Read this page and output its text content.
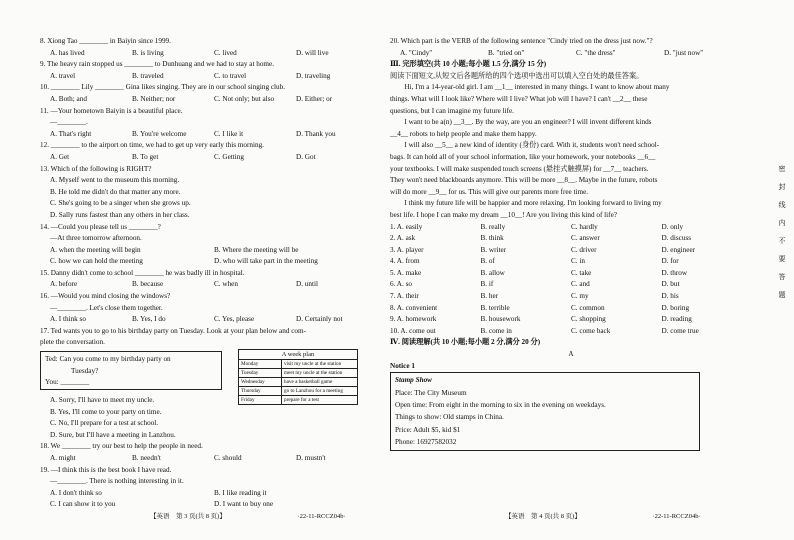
8. Xiong Tao ________ in Baiyin since 1999.
A. has lived	B. is living	C. lived	D. will live
9. The heavy rain stopped us ________ to Dunhuang and we had to stay at home.
A. travel	B. traveled	C. to travel	D. traveling
10. ________ Lily ________ Gina likes singing. They are in our school singing club.
A. Both; and	B. Neither; nor	C. Not only; but also	D. Either; or
11. —Your hometown Baiyin is a beautiful place.
—________.
A. That's right	B. You're welcome	C. I like it	D. Thank you
12. ________ to the airport on time, we had to get up very early this morning.
A. Get	B. To get	C. Getting	D. Got
13. Which of the following is RIGHT?
A. Myself went to the museum this morning.
B. He told me didn't do that matter any more.
C. She's going to be a singer when she grows up.
D. Sally runs fastest than any others in her class.
14. —Could you please tell us ________?
—At three tomorrow afternoon.
A. when the meeting will begin	B. Where the meeting will be
C. how we can hold the meeting	D. who will take part in the meeting
15. Danny didn't come to school ________ he was badly ill in hospital.
A. before	B. because	C. when	D. until
16. —Would you mind closing the windows?
—________. Let's close them together.
A. I think so	B. Yes, I do	C. Yes, please	D. Certainly not
17. Ted wants you to go to his birthday party on Tuesday. Look at your plan below and com-
plete the conversation.
Ted: Can you come to my birthday party on
Tuesday?
You: ________
A week plan
Monday	visit my uncle at the station
Tuesday	meet my uncle at the station
Wednesday	have a basketball game
Thursday	go to Lanzhou for a meeting
Friday	prepare for a test
A. Sorry, I'll have to meet my uncle.
B. Yes, I'll come to your party on time.
C. No, I'll prepare for a test at school.
D. Sure, but I'll have a meeting in Lanzhou.
18. We ________ try our best to help the people in need.
A. might	B. needn't	C. should	D. mustn't
19. —I think this is the best book I have read.
—________. There is nothing interesting in it.
A. I don't think so	B. I like reading it
C. I can show it to you	D. I want to buy one
20. Which part is the VERB of the following sentence "Cindy tried on the dress just now."?
A. "Cindy"	B. "tried on"	C. "the dress"	D. "just now"
Ⅲ. 完形填空(共 10 小题;每小题 1.5 分,满分 15 分)
阅读下面短文,从短文后各题所给的四个选项中选出可以填入空白处的最佳答案。
　　Hi, I'm a 14-year-old girl. I am __1__ interested in many things. I want to know about many
things. What will I look like? Where will I live? What job will I have? I can't __2__ these
questions, but I can imagine my future life.
　　I want to be a(n) __3__. By the way, are you an engineer? I will invent different kinds
__4__ robots to help people and make them happy.
　　I will also __5__ a new kind of identity (身份) card. With it, students won't need school-
bags. It can hold all of your school information, like your homework, your notebooks __6__
your textbooks. I will make suspended touch screens (悬挂式触摸屏) for __7__ teachers.
They won't need blackboards anymore. This will be more __8__. Maybe in the future, robots
will do more __9__ for us. This will give our parents more free time.
　　I think my future life will be happier and more relaxing. I'm looking forward to living my
best life. I hope I can make my dream __10__! Are you living this kind of life?
1. A. easily	B. really	C. hardly	D. only
2. A. ask	B. think	C. answer	D. discuss
3. A. player	B. writer	C. driver	D. engineer
4. A. from	B. of	C. in	D. for
5. A. make	B. allow	C. take	D. throw
6. A. so	B. if	C. and	D. but
7. A. their	B. her	C. my	D. his
8. A. convenient	B. terrible	C. common	D. boring
9. A. homework	B. housework	C. shopping	D. reading
10. A. come out	B. come in	C. come back	D. come true
Ⅳ. 阅读理解(共 10 小题;每小题 2 分,满分 20 分)
A
Notice 1
Stamp Show
Place: The City Museum
Open time: From eight in the morning to six in the evening on weekdays.
Things to show: Old stamps in China.
Price: Adult $5, kid $1
Phone: 16927582032
【英语　第 3 页(共 8 页)】	·22-11-RCCZ04b·	【英语　第 4 页(共 8 页)】	·22-11-RCCZ04b·
密
封
线
内
不
要
答
题
